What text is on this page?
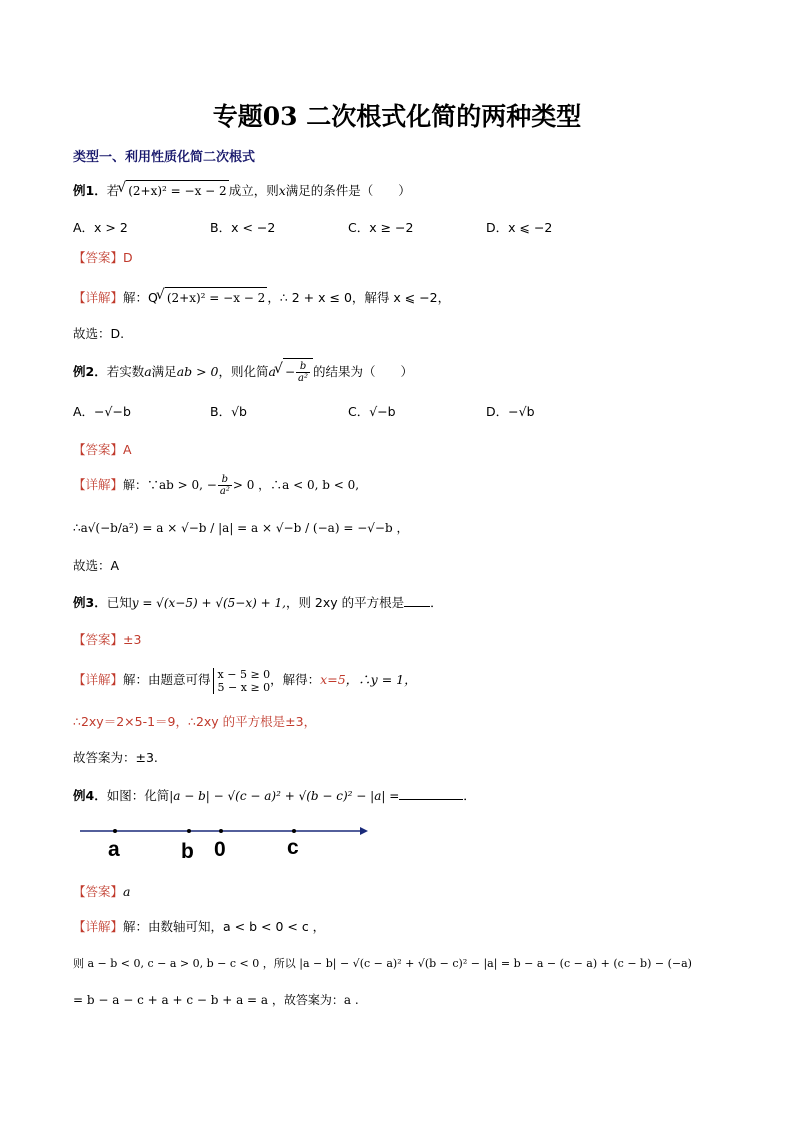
专题03 二次根式化简的两种类型
类型一、利用性质化简二次根式
例1．若√ (2+x)² = −x − 2 成立，则x满足的条件是（　　）
A．x > 2	B．x < −2	C．x ≥ −2	D．x ⩽ −2
【答案】D
【详解】解：Q√ (2+x)² = −x − 2 ，∴ 2 + x ≤ 0，解得 x ⩽ −2，
故选：D.
例2．若实数a满足ab > 0，则化简$a√ - \frac{b}{\text{a²}}$ 的结果为（　　）
A．−√−b	B．√b	C．√−b	D．−√b
【答案】A
【详解】解：∵ab > 0, − $\frac{b}{\text{a²}} > 0$ ，∴a < 0, b < 0,
∴a√(−b/a²) = a × √−b / |a| = a × √−b / (−a) = −√−b ，
故选：A
例3．已知y = √(x−5) + √(5−x) + 1,，则 2xy 的平方根是 ．
【答案】±3
【详解】解：由题意可得 x − 5 ≥ 0
5 − x ≥ 0 ，解得：x=5，∴y = 1，
∴2xy＝2×5-1＝9，∴2xy 的平方根是±3，
故答案为：±3.
例4．如图：化简|a − b| − √(c − a)² + √(b − c)² − |a| =	．
a	b 0	c
【答案】a
【详解】解：由数轴可知，a < b < 0 < c ，
则 a − b < 0, c − a > 0, b − c < 0 ，所以 |a − b| − √(c − a)² + √(b − c)² − |a| = b − a − (c − a) + (c − b) − (−a)
= b − a − c + a + c − b + a = a ，故答案为：a .
